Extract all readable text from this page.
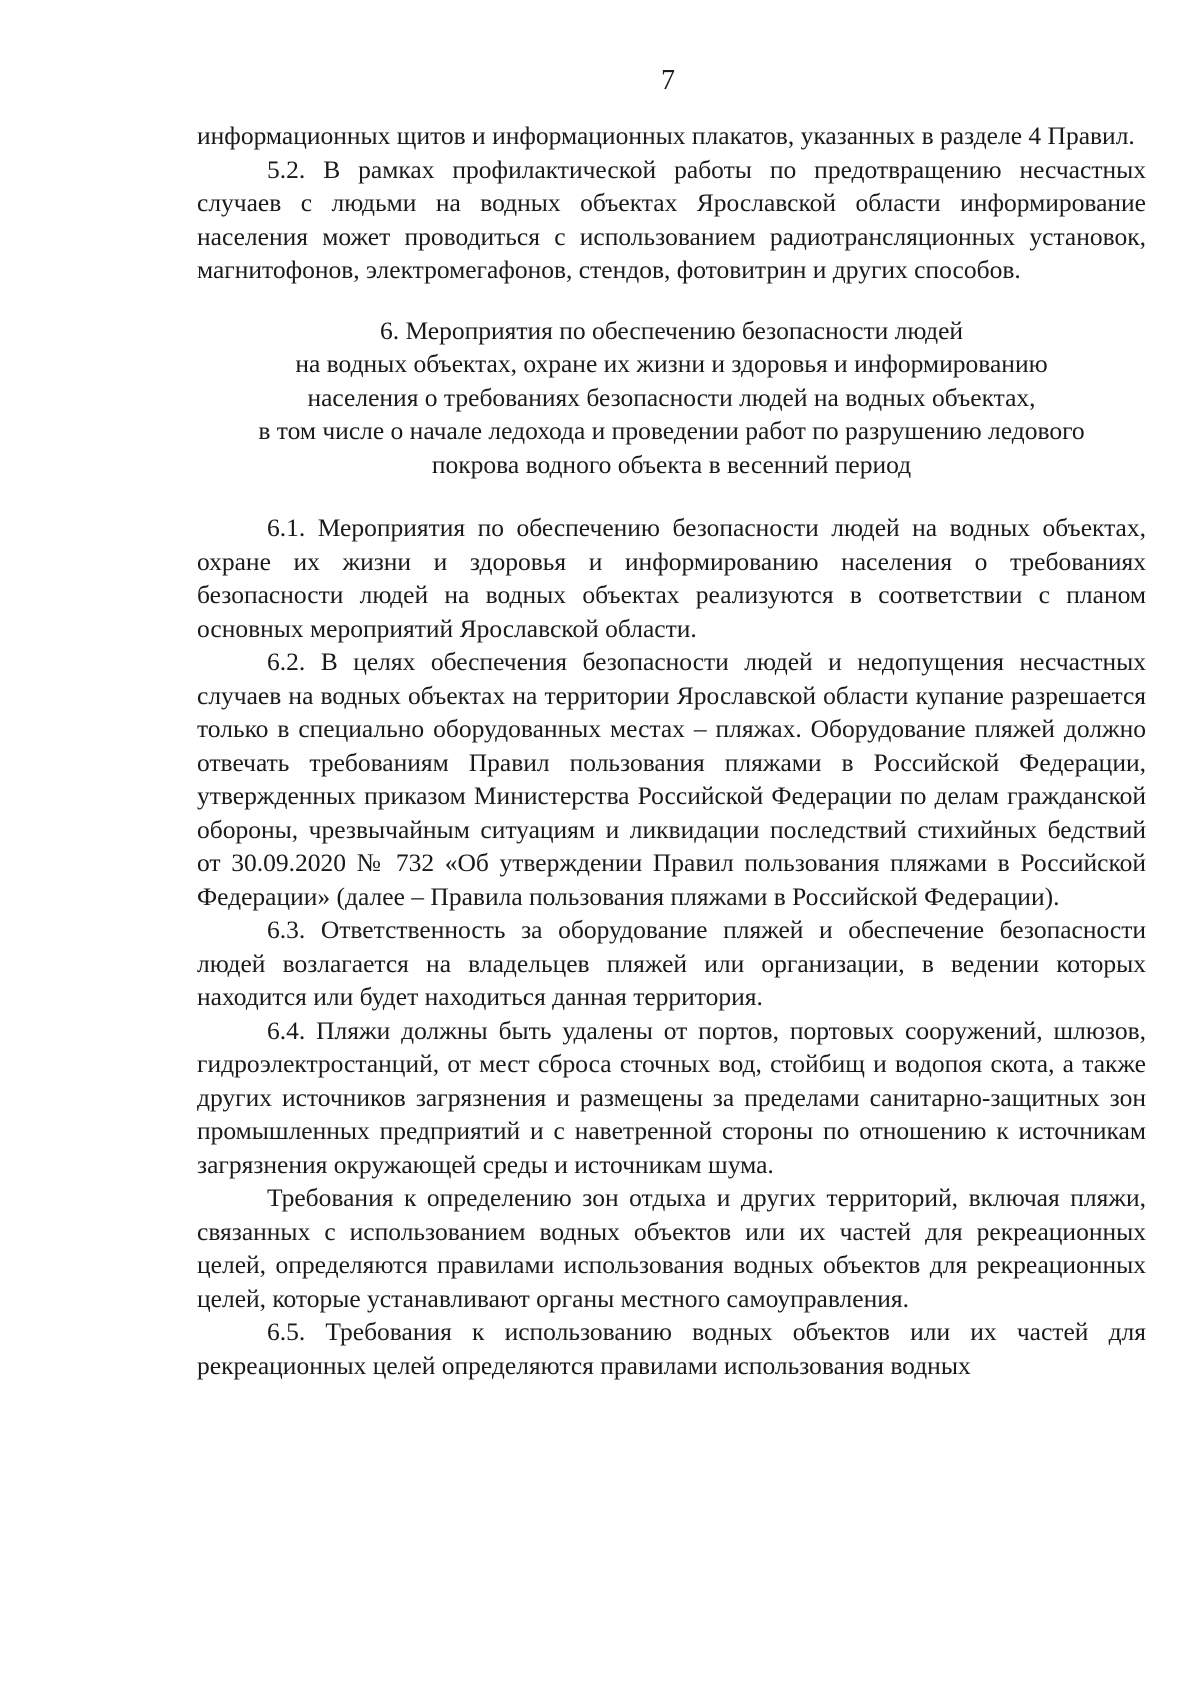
7

информационных щитов и информационных плакатов, указанных в разделе 4 Правил.

5.2. В рамках профилактической работы по предотвращению несчастных случаев с людьми на водных объектах Ярославской области информирование населения может проводиться с использованием радиотрансляционных установок, магнитофонов, электромегафонов, стендов, фотовитрин и других способов.

6. Мероприятия по обеспечению безопасности людей
на водных объектах, охране их жизни и здоровья и информированию
населения о требованиях безопасности людей на водных объектах,
в том числе о начале ледохода и проведении работ по разрушению ледового
покрова водного объекта в весенний период

6.1. Мероприятия по обеспечению безопасности людей на водных объектах, охране их жизни и здоровья и информированию населения о требованиях безопасности людей на водных объектах реализуются в соответствии с планом основных мероприятий Ярославской области.

6.2. В целях обеспечения безопасности людей и недопущения несчастных случаев на водных объектах на территории Ярославской области купание разрешается только в специально оборудованных местах – пляжах. Оборудование пляжей должно отвечать требованиям Правил пользования пляжами в Российской Федерации, утвержденных приказом Министерства Российской Федерации по делам гражданской обороны, чрезвычайным ситуациям и ликвидации последствий стихийных бедствий от 30.09.2020 № 732 «Об утверждении Правил пользования пляжами в Российской Федерации» (далее – Правила пользования пляжами в Российской Федерации).

6.3. Ответственность за оборудование пляжей и обеспечение безопасности людей возлагается на владельцев пляжей или организации, в ведении которых находится или будет находиться данная территория.

6.4. Пляжи должны быть удалены от портов, портовых сооружений, шлюзов, гидроэлектростанций, от мест сброса сточных вод, стойбищ и водопоя скота, а также других источников загрязнения и размещены за пределами санитарно-защитных зон промышленных предприятий и с наветренной стороны по отношению к источникам загрязнения окружающей среды и источникам шума.

Требования к определению зон отдыха и других территорий, включая пляжи, связанных с использованием водных объектов или их частей для рекреационных целей, определяются правилами использования водных объектов для рекреационных целей, которые устанавливают органы местного самоуправления.

6.5. Требования к использованию водных объектов или их частей для рекреационных целей определяются правилами использования водных
